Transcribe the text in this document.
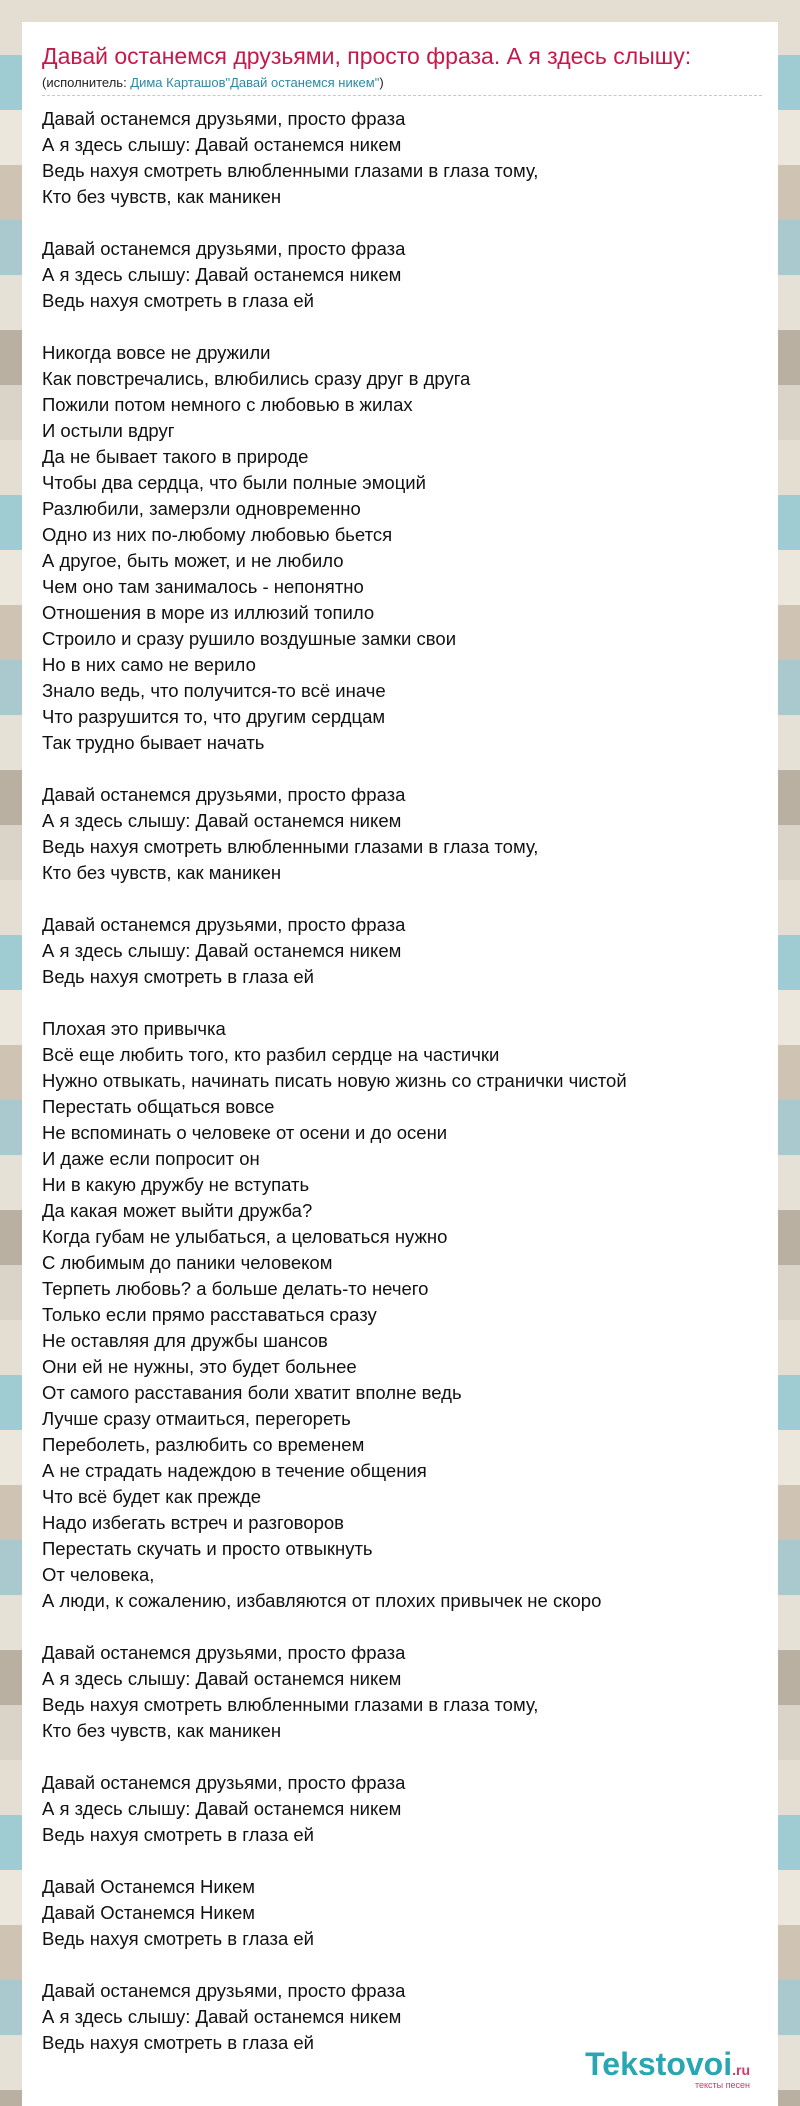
Давай останемся друзьями, просто фраза. А я здесь слышу:
(исполнитель: Дима Карташов"Давай останемся никем")
Давай останемся друзьями, просто фраза
А я здесь слышу: Давай останемся никем
Ведь нахуя смотреть влюбленными глазами в глаза тому,
Кто без чувств, как маникен
Давай останемся друзьями, просто фраза
А я здесь слышу: Давай останемся никем
Ведь нахуя смотреть в глаза ей
Никогда вовсе не дружили
Как повстречались, влюбились сразу друг в друга
Пожили потом немного с любовью в жилах
И остыли вдруг
Да не бывает такого в природе
Чтобы два сердца, что были полные эмоций
Разлюбили, замерзли одновременно
Одно из них по-любому любовью бьется
А другое, быть может, и не любило
Чем оно там занималось - непонятно
Отношения в море из иллюзий топило
Строило и сразу рушило воздушные замки свои
Но в них само не верило
Знало ведь, что получится-то всё иначе
Что разрушится то, что другим сердцам
Так трудно бывает начать
Давай останемся друзьями, просто фраза
А я здесь слышу: Давай останемся никем
Ведь нахуя смотреть влюбленными глазами в глаза тому,
Кто без чувств, как маникен
Давай останемся друзьями, просто фраза
А я здесь слышу: Давай останемся никем
Ведь нахуя смотреть в глаза ей
Плохая это привычка
Всё еще любить того, кто разбил сердце на частички
Нужно отвыкать, начинать писать новую жизнь со странички чистой
Перестать общаться вовсе
Не вспоминать о человеке от осени и до осени
И даже если попросит он
Ни в какую дружбу не вступать
Да какая может выйти дружба?
Когда губам не улыбаться, а целоваться нужно
С любимым до паники человеком
Терпеть любовь? а больше делать-то нечего
Только если прямо расставаться сразу
Не оставляя для дружбы шансов
Они ей не нужны, это будет больнее
От самого расставания боли хватит вполне ведь
Лучше сразу отмаиться, перегореть
Переболеть, разлюбить со временем
А не страдать надеждою в течение общения
Что всё будет как прежде
Надо избегать встреч и разговоров
Перестать скучать и просто отвыкнуть
От человека,
А люди, к сожалению, избавляются от плохих привычек не скоро
Давай останемся друзьями, просто фраза
А я здесь слышу: Давай останемся никем
Ведь нахуя смотреть влюбленными глазами в глаза тому,
Кто без чувств, как маникен
Давай останемся друзьями, просто фраза
А я здесь слышу: Давай останемся никем
Ведь нахуя смотреть в глаза ей
Давай Останемся Никем
Давай Останемся Никем
Ведь нахуя смотреть в глаза ей
Давай останемся друзьями, просто фраза
А я здесь слышу: Давай останемся никем
Ведь нахуя смотреть в глаза ей
Tekstovoi.ru
тексты песен
